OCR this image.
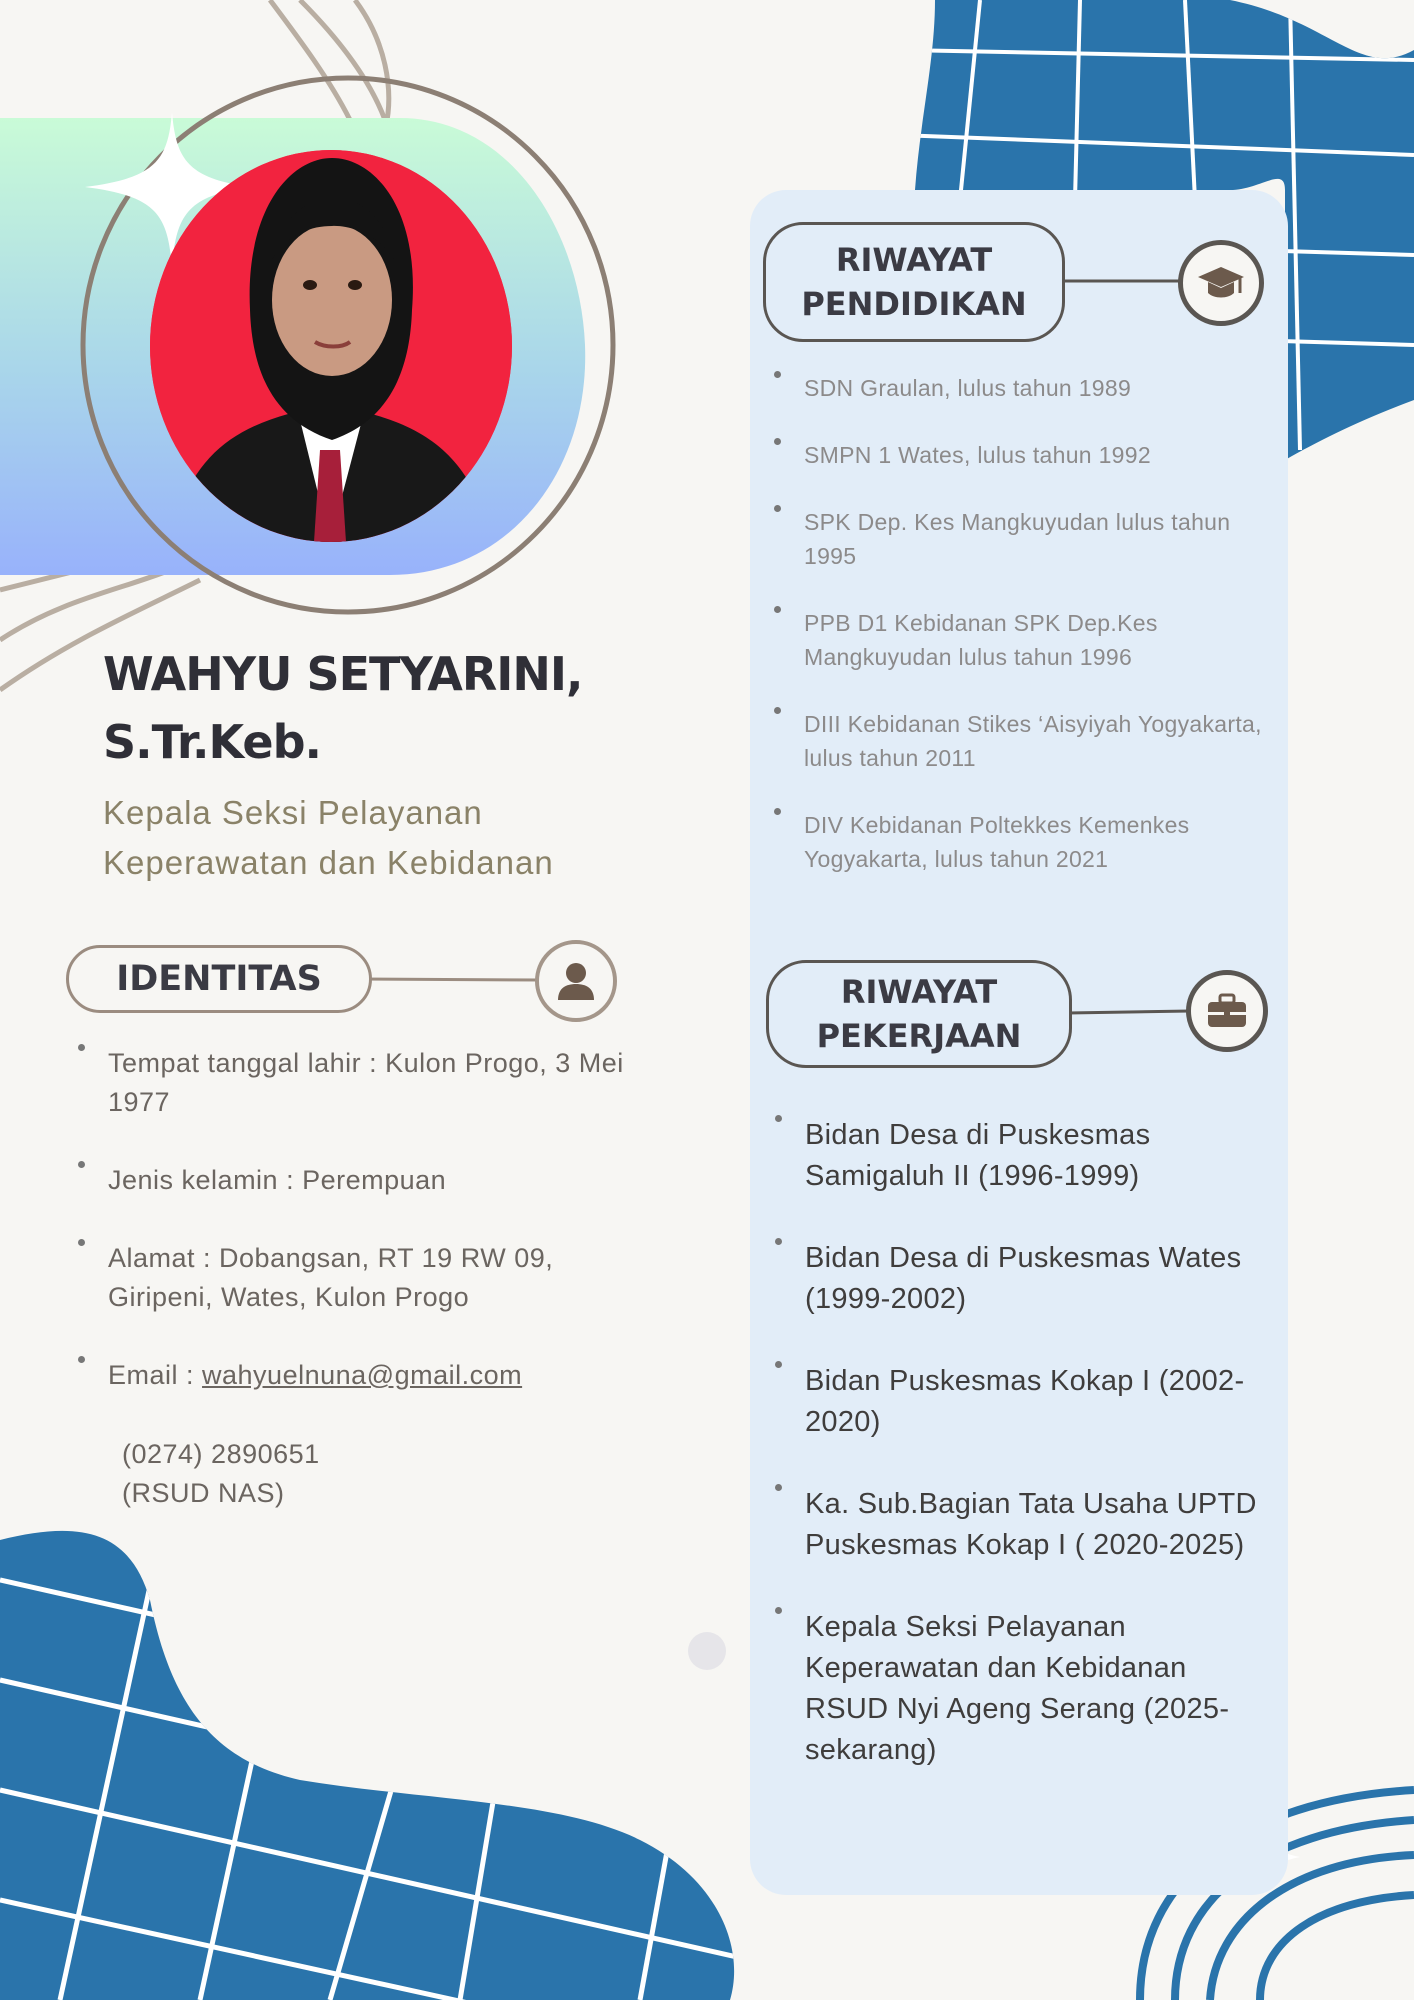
WAHYU SETYARINI,
S.Tr.Keb.
Kepala Seksi Pelayanan
Keperawatan dan Kebidanan
IDENTITAS
Tempat tanggal lahir : Kulon Progo, 3 Mei 1977
Jenis kelamin : Perempuan
Alamat : Dobangsan, RT 19 RW 09, Giripeni, Wates, Kulon Progo
Email : wahyuelnuna@gmail.com
(0274) 2890651
(RSUD NAS)
RIWAYAT
PENDIDIKAN
SDN Graulan, lulus tahun 1989
SMPN 1 Wates, lulus tahun 1992
SPK Dep. Kes Mangkuyudan lulus tahun 1995
PPB D1 Kebidanan SPK Dep.Kes Mangkuyudan lulus tahun 1996
DIII Kebidanan Stikes ‘Aisyiyah Yogyakarta, lulus tahun 2011
DIV Kebidanan Poltekkes Kemenkes Yogyakarta, lulus tahun 2021
RIWAYAT
PEKERJAAN
Bidan Desa di Puskesmas Samigaluh II (1996-1999)
Bidan Desa di Puskesmas Wates (1999-2002)
Bidan Puskesmas Kokap I (2002-2020)
Ka. Sub.Bagian Tata Usaha UPTD Puskesmas Kokap I ( 2020-2025)
Kepala Seksi Pelayanan Keperawatan dan Kebidanan RSUD Nyi Ageng Serang (2025-sekarang)
